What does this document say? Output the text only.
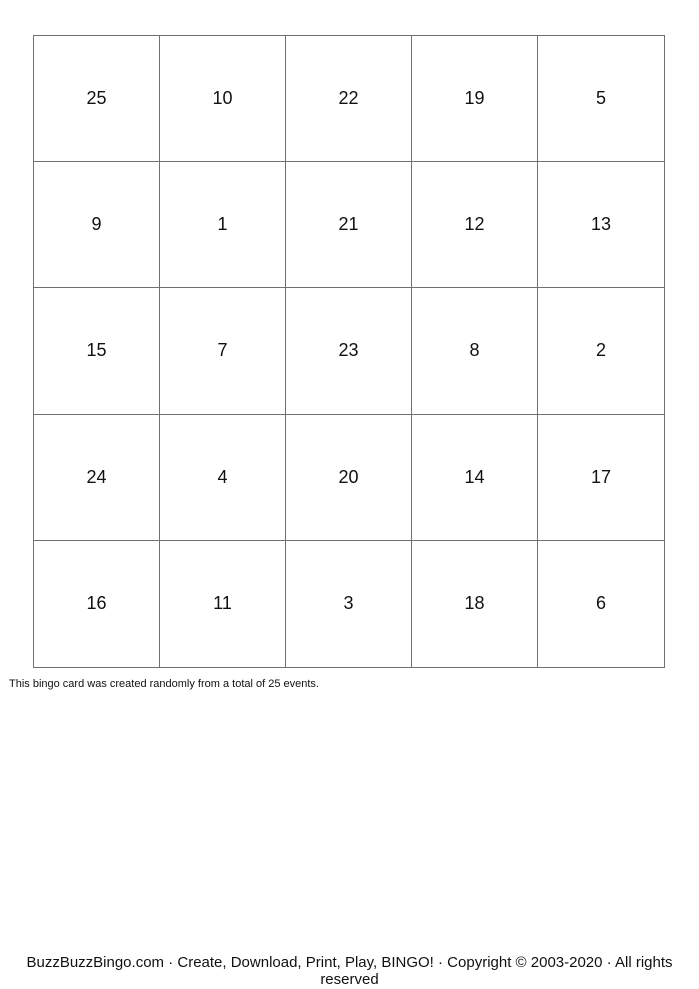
25	10	22	19	5
9	1	21	12	13
15	7	23	8	2
24	4	20	14	17
16	11	3	18	6
This bingo card was created randomly from a total of 25 events.
BuzzBuzzBingo.com · Create, Download, Print, Play, BINGO! · Copyright © 2003-2020 · All rights reserved
